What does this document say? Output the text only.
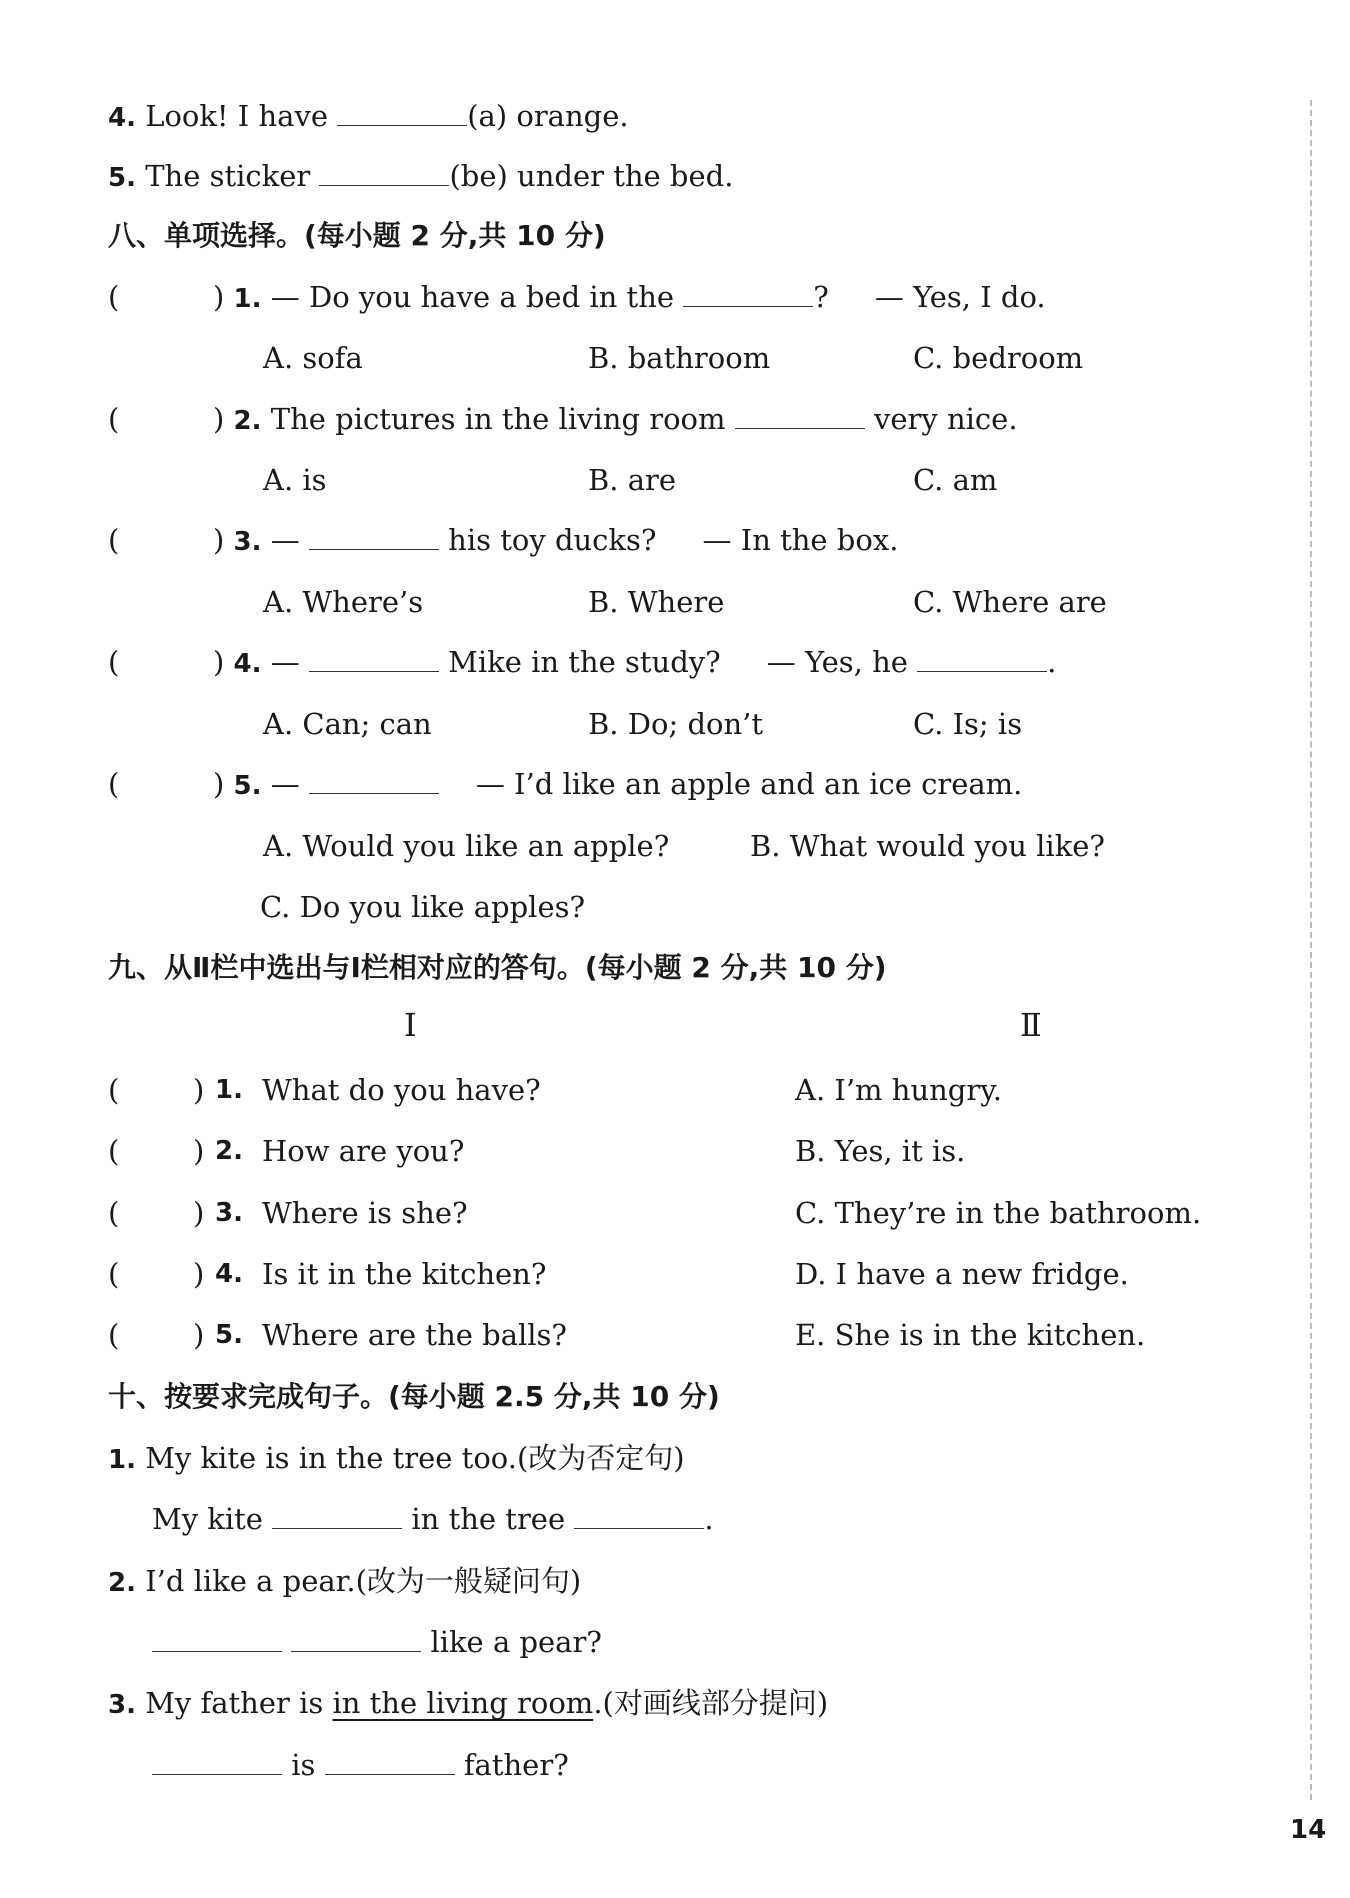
4. Look! I have	(a) orange.
5. The sticker	(be) under the bed.
八、单项选择。(每小题 2 分,共 10 分)
(	) 1. — Do you have a bed in the	? — Yes, I do.
A. sofa	B. bathroom	C. bedroom
(	) 2. The pictures in the living room	very nice.
A. is	B. are	C. am
(	) 3. —	his toy ducks? — In the box.
A. Where’s	B. Where	C. Where are
(	) 4. —	Mike in the study? — Yes, he	.
A. Can; can	B. Do; don’t	C. Is; is
(	) 5. —	— I’d like an apple and an ice cream.
A. Would you like an apple?	B. What would you like?
C. Do you like apples?
九、从Ⅱ栏中选出与Ⅰ栏相对应的答句。(每小题 2 分,共 10 分)
Ⅰ	Ⅱ
(        ) 1. What do you have?	A. I’m hungry.
(        ) 2. How are you?	B. Yes, it is.
(        ) 3. Where is she?	C. They’re in the bathroom.
(        ) 4. Is it in the kitchen?	D. I have a new fridge.
(        ) 5. Where are the balls?	E. She is in the kitchen.
十、按要求完成句子。(每小题 2.5 分,共 10 分)
1. My kite is in the tree too.(改为否定句)
My kite	in the tree	.
2. I’d like a pear.(改为一般疑问句)
like a pear?
3. My father is in the living room.(对画线部分提问)
is	father?
14
